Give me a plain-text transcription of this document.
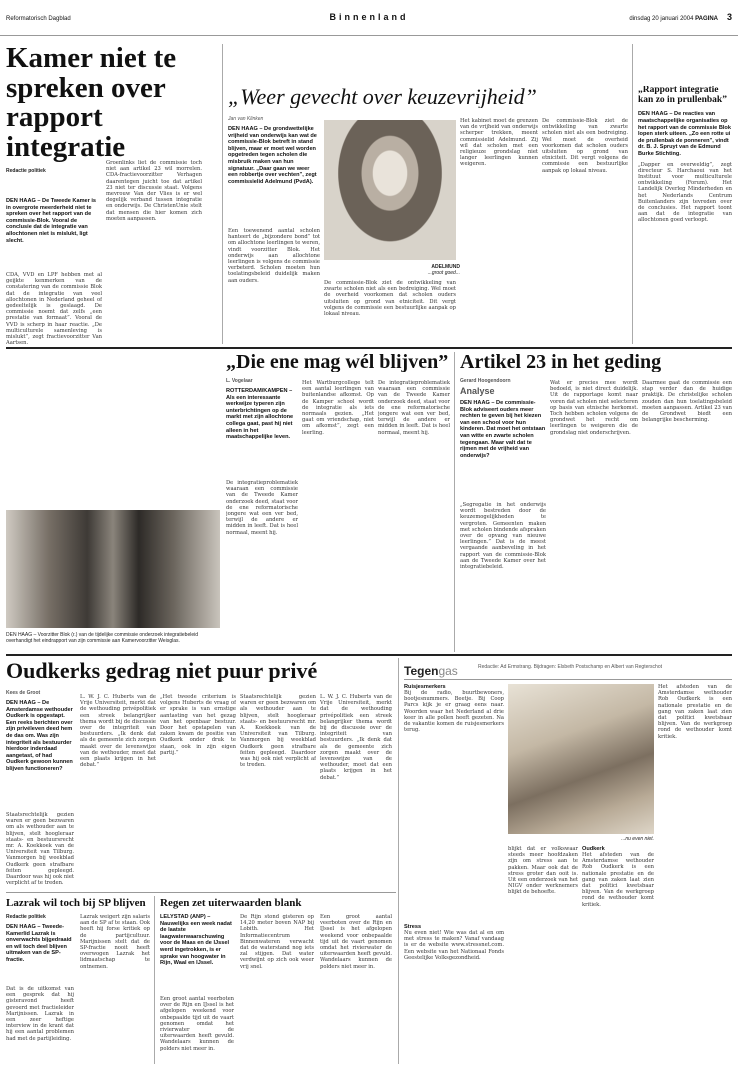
Reformatorisch Dagblad	Binnenland	dinsdag 20 januari 2004 PAGINA 3
Kamer niet te spreken over rapport integratie
Redactie politiek
DEN HAAG – De Tweede Kamer is in overgrote meerderheid niet te spreken over het rapport van de commissie-Blok. Vooral de conclusie dat de integratie van allochtonen niet is mislukt, ligt slecht.
CDA, VVD en LPF hebben met al geijkte kenmerken van de constatering van de commissie Blok dat de integratie van veel allochtonen in Nederland geheel of gedeeltelijk is geslaagd. De commissie noemt dat zelfs „een prestatie van formaat”. Vooral de VVD is scherp in haar reactie. „De multiculturele samenleving is mislukt”, zegt fractievoorzitter Van Aartsen.
Groenlinks liet de commissie toch niet aan artikel 23 wil morrelen. CDA-fractievoorzitter Verhagen daarentegen juicht toe dat artikel 23 niet ter discussie staat. Volgens mevrouw Van der Vlies is er wel degelijk verband tussen integratie en onderwijs. De ChristenUnie stelt dat mensen die hier komen zich moeten aanpassen.
„Weer gevecht over keuzevrijheid”
Jan van Klinken
DEN HAAG – De grondwettelijke vrijheid van onderwijs kan wat de commissie-Blok betreft in stand blijven, maar er moet wel worden opgetreden tegen scholen die misbruik maken van hun signatuur. „Daar gaan we weer een robbertje over vechten”, zegt commissielid Adelmund (PvdA).
Een toewenend aantal scholen hanteert de „bijzondere bond” tot om allochtone leerlingen te weren, vindt voorzitter Blok. Het onderwijs aan allochtone leerlingen is volgens de commissie verbeterd. Scholen moeten hun toelatingsbeleid duidelijk maken aan ouders.
ADELMUND
...groot goed...
De commissie-Blok ziet de ontwikkeling van zwarte scholen niet als een bedreiging. Wel moet de overheid voorkomen dat scholen ouders uitsluiten op grond van etniciteit. Dit vergt volgens de commissie een bestuurlijke aanpak op lokaal niveau.
Het kabinet moet de grenzen van de vrijheid van onderwijs scherper trekken, meent commissielid Adelmund. Zij wil dat scholen met een religieuze grondslag niet langer leerlingen kunnen weigeren.
De commissie-Blok ziet de ontwikkeling van zwarte scholen niet als een bedreiging. Wel moet de overheid voorkomen dat scholen ouders uitsluiten op grond van etniciteit. Dit vergt volgens de commissie een bestuurlijke aanpak op lokaal niveau.
„Rapport integratie kan zo in prullenbak”
DEN HAAG – De reacties van maatschappelijke organisaties op het rapport van de commissie Blok lopen sterk uiteen. „Zo een rotte ui de prullenbak de ponneren”, vindt dr. B. J. Spruyt van de Edmund Burke Stichting.
„Dapper en overweldig”, zegt directeur S. Harchaoui van het Instituut voor multiculturele ontwikkeling (Forum). Het Landelijk Overleg Minderheden en het Nederlands Centrum Buitenlanders zijn tevreden over de conclusies. Het rapport toont aan dat de integratie van allochtonen goed verloopt.
„Die ene mag wél blijven”
L. Vogelaar
ROTTERDAM/KAMPEN – Als een interessante werkwijze typeren zijn unterbrichtingen op de markt met zijn allochtone collega gaat, past hij niet alleen in het maatschappelijke leven.
De integratieproblematiek waaraan een commissie van de Tweede Kamer onderzoek deed, staat voor de ene reformatorische jongere wat een ver bed, terwijl de andere er midden in leeft. Dat is heel normaal, meent hij.
Het Wartburgcollege telt een aantal leerlingen van buitenlandse afkomst. Op de Kamper school wordt de integratie als iets normaals gezien. „Het gaat om vriendschap, niet om afkomst”, zegt een leerling.
De integratieproblematiek waaraan een commissie van de Tweede Kamer onderzoek deed, staat voor de ene reformatorische jongere wat een ver bed, terwijl de andere er midden in leeft. Dat is heel normaal, meent hij.
DEN HAAG – Voorzitter Blok (r.) van de tijdelijke commissie onderzoek integratiebeleid overhandigt het eindrapport van zijn commissie aan Kamervoorzitter Weisglas.
Artikel 23 in het geding
Gerard Hoogendoorn
Analyse
DEN HAAG – De commissie-Blok adviseert ouders meer rechten te geven bij het kiezen van een school voor hun kinderen. Dat moet het ontstaan van witte en zwarte scholen tegengaan. Maar valt dat te rijmen met de vrijheid van onderwijs?
„Segregatie in het onderwijs wordt bestreden door de keuzemogelijkheden te vergroten. Gemeenten maken met scholen bindende afspraken over de opvang van nieuwe leerlingen.” Dat is de meest vergaande aanbeveling in het rapport van de commissie-Blok aan de Tweede Kamer over het integratiebeleid.
Wat er precies mee wordt bedoeld, is niet direct duidelijk. Uit de rapportage komt naar voren dat scholen niet selecteren op basis van etnische herkomst. Toch hebben scholen volgens de grondwet het recht om leerlingen te weigeren die de grondslag niet onderschrijven.
Daarmee gaat de commissie een stap verder dan de huidige praktijk. De christelijke scholen zouden dan hun toelatingsbeleid moeten aanpassen. Artikel 23 van de Grondwet biedt een belangrijke bescherming.
Oudkerks gedrag niet puur privé
Kees de Groot
DEN HAAG – De Amsterdamse wethouder Oudkerk is opgestapt. Een reeks berichten over zijn privéleven deed hem de das om. Was zijn integriteit als bestuurder hierdoor inderdaad aangetast, of had Oudkerk gewoon kunnen blijven functioneren?
Staatsrechtelijk gezien waren er geen bezwaren om als wethouder aan te blijven, stelt hoogleraar staats- en bestuursrecht mr. A. Koekkoek van de Universiteit van Tilburg. Vanmorgen bij weekblad Oudkerk geen strafbare feiten gepleegd. Daardoor was hij ook niet verplicht af te treden.
L. W. J. C. Huberts van de Vrije Universiteit, merkt dat de wethouding privépolitiek een streek belangrijker thema wordt bij de discussie over de integriteit van bestuurders. „Ik denk dat als de gemeente zich zorgen maakt over de levenswijze van de wethouder, moet dat een plaats krijgen in het debat.”
„Het tweede criterium is volgens Huberts de vraag of er sprake is van ernstige aantasting van het gezag van het openbaar bestuur. Door het opstapelen van zaken kwam de positie van Oudkerk onder druk te staan, ook in zijn eigen partij.”
Staatsrechtelijk gezien waren er geen bezwaren om als wethouder aan te blijven, stelt hoogleraar staats- en bestuursrecht mr. A. Koekkoek van de Universiteit van Tilburg. Vanmorgen bij weekblad Oudkerk geen strafbare feiten gepleegd. Daardoor was hij ook niet verplicht af te treden.
L. W. J. C. Huberts van de Vrije Universiteit, merkt dat de wethouding privépolitiek een streek belangrijker thema wordt bij de discussie over de integriteit van bestuurders. „Ik denk dat als de gemeente zich zorgen maakt over de levenswijze van de wethouder, moet dat een plaats krijgen in het debat.”
Lazrak wil toch bij SP blijven
Redactie politiek
DEN HAAG – Tweede-Kamerlid Lazrak is onverwachts bijgedraaid en wil toch deel blijven uitmaken van de SP-fractie.
Dat is de uitkomst van een gesprek dat hij gisteravond heeft gevoerd met fractieleider Marijnissen. Lazrak in een zeer heftige interview in de krant dat hij een aantal problemen had met de partijleiding.
Lazrak weigert zijn salaris aan de SP af te staan. Ook heeft hij forse kritiek op de partijcultuur. Marijnissen stelt dat de SP-fractie nooit heeft overwogen Lazrak het lidmaatschap te ontnemen.
Regen zet uiterwaarden blank
LELYSTAD (ANP) – Nauwelijks een week nadat de laatste laagwaterwaarschuwing voor de Maas en de IJssel werd ingetrokken, is er sprake van hoogwater in Rijn, Waal en IJssel.
Een groot aantal veerboten over de Rijn en IJssel is het afgelopen weekend voor onbepaalde tijd uit de vaart genomen omdat het rivierwater de uiterwaarden heeft gevuld. Wandelaars kunnen de polders niet meer in.
De Rijn stond gisteren op 14,20 meter boven NAP bij Lobith. Het Informatiecentrum Binnenwateren verwacht dat de waterstand nog iets zal stijgen. Dat water verdwijnt op zich ook weer vrij snel.
Een groot aantal veerboten over de Rijn en IJssel is het afgelopen weekend voor onbepaalde tijd uit de vaart genomen omdat het rivierwater de uiterwaarden heeft gevuld. Wandelaars kunnen de polders niet meer in.
Tegengas	Redactie: Ad Ermstrang. Bijdragen: Elsbeth Postschamp en Albert van Regterschot
Ruisjesmerkers
Bij de radio, buurtbewoners, bootjesnummers. Beetje. Bij Coop Parcs kijk je er graag eens naar. Woorden waar het Nederland al drie keer in alle pollen heeft gezeten. Na de vakantie komen de ruisjesmerkers terug.
...nu even niet.
Stress
Nu even niet! Wie was dat al en om met stress te maken? Vanaf vandaag is er de website www.stressnet.com. Een website van het Nationaal Fonds Geestelijke Volksgezondheid.
blijkt dat er volkswaar steeds meer hoofdzaken zijn om stress aan te pakken. Maar ook dat de stress groter dan ooit is. Uit een onderzoek van het NIGV onder werknemers blijkt de behoefte.
Oudkerk
Het afsteden van de Amsterdamse wethouder Rob Oudkerk is een nationale prestatie en de gang van zaken laat zien dat politici kwetsbaar blijven. Van de werkgroep rond de wethouder komt kritiek.
Het afsteden van de Amsterdamse wethouder Rob Oudkerk is een nationale prestatie en de gang van zaken laat zien dat politici kwetsbaar blijven. Van de werkgroep rond de wethouder komt kritiek.
